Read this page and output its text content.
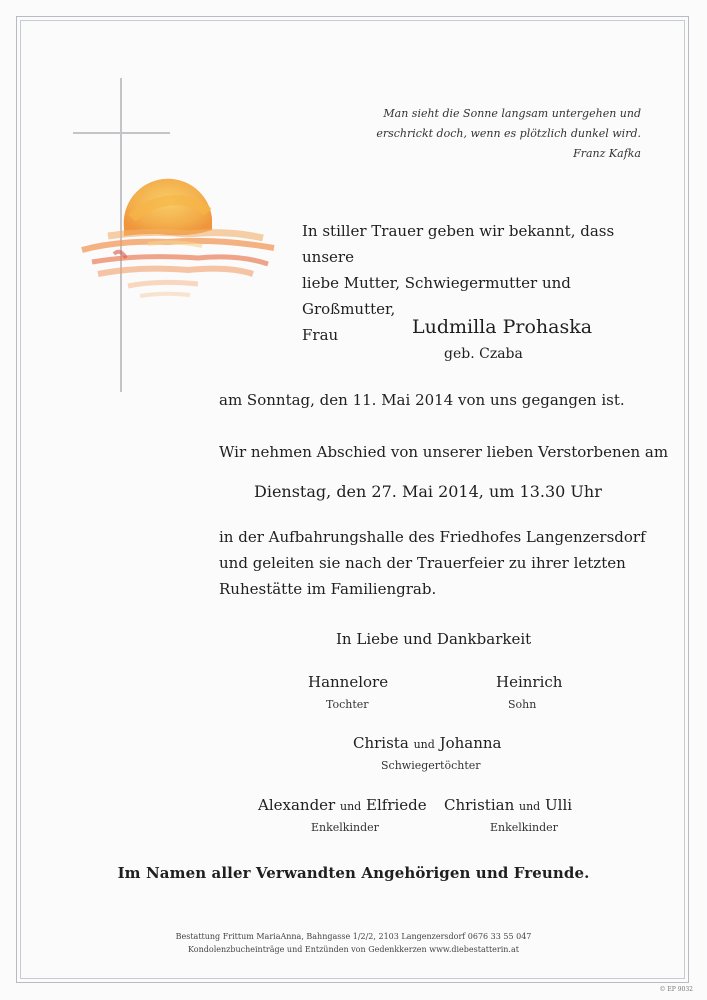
Man sieht die Sonne langsam untergehen und
erschrickt doch, wenn es plötzlich dunkel wird.
Franz Kafka
In stiller Trauer geben wir bekannt, dass unsere
liebe Mutter, Schwiegermutter und Großmutter,
Frau	Ludmilla Prohaska
geb. Czaba
am Sonntag, den 11. Mai 2014 von uns gegangen ist.
Wir nehmen Abschied von unserer lieben Verstorbenen am
Dienstag, den 27. Mai 2014, um 13.30 Uhr
in der Aufbahrungshalle des Friedhofes Langenzersdorf
und geleiten sie nach der Trauerfeier zu ihrer letzten
Ruhestätte im Familiengrab.
In Liebe und Dankbarkeit
Hannelore
Tochter
Heinrich
Sohn
Christa und Johanna
Schwiegertöchter
Alexander und Elfriede
Enkelkinder
Christian und Ulli
Enkelkinder
Im Namen aller Verwandten Angehörigen und Freunde.
Bestattung Frittum MariaAnna, Bahngasse 1/2/2, 2103 Langenzersdorf 0676 33 55 047
Kondolenzbucheinträge und Entzünden von Gedenkkerzen www.diebestatterin.at
© EP 9032
